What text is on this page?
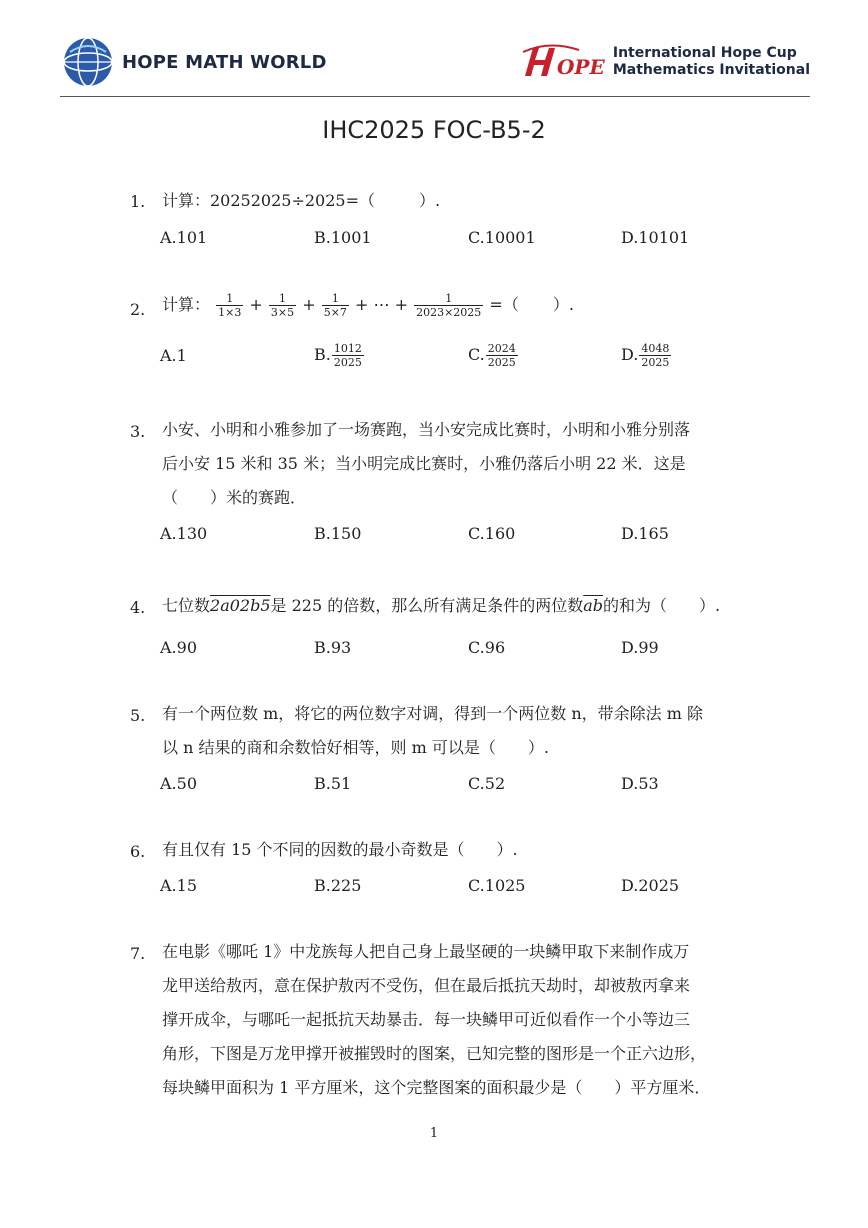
HOPE MATH WORLD	OPE
International Hope Cup
Mathematics Invitational
IHC2025 FOC-B5-2
1. 计算：20252025÷2025=（	）.
A.101	B.1001	C.10001	D.10101
2. 计算： $\frac{1}{1\times 3} + \frac{1}{3\times 5} + \frac{1}{5\times 7}$ + ⋯ + $\frac{1}{2023\times 2025}$ =（ ）.
A.1	B. $\frac{1012}{2025}$	C. $\frac{2024}{2025}$	D. $\frac{4048}{2025}$
3. 小安、小明和小雅参加了一场赛跑，当小安完成比赛时，小明和小雅分别落
后小安 15 米和 35 米；当小明完成比赛时，小雅仍落后小明 22 米．这是
（　　）米的赛跑．
A.130	B.150	C.160	D.165
4. 七位数2a02b5是 225 的倍数，那么所有满足条件的两位数$\overline{ab}$的和为（　　）.
A.90	B.93	C.96	D.99
5. 有一个两位数 m，将它的两位数字对调，得到一个两位数 n，带余除法 m 除
以 n 结果的商和余数恰好相等，则 m 可以是（　　）.
A.50	B.51	C.52	D.53
6. 有且仅有 15 个不同的因数的最小奇数是（　　）.
A.15	B.225	C.1025	D.2025
7. 在电影《哪吒 1》中龙族每人把自己身上最坚硬的一块鳞甲取下来制作成万
龙甲送给敖丙，意在保护敖丙不受伤，但在最后抵抗天劫时，却被敖丙拿来
撑开成伞，与哪吒一起抵抗天劫暴击．每一块鳞甲可近似看作一个小等边三
角形，下图是万龙甲撑开被摧毁时的图案，已知完整的图形是一个正六边形，
每块鳞甲面积为 1 平方厘米，这个完整图案的面积最少是（　　）平方厘米．
1
